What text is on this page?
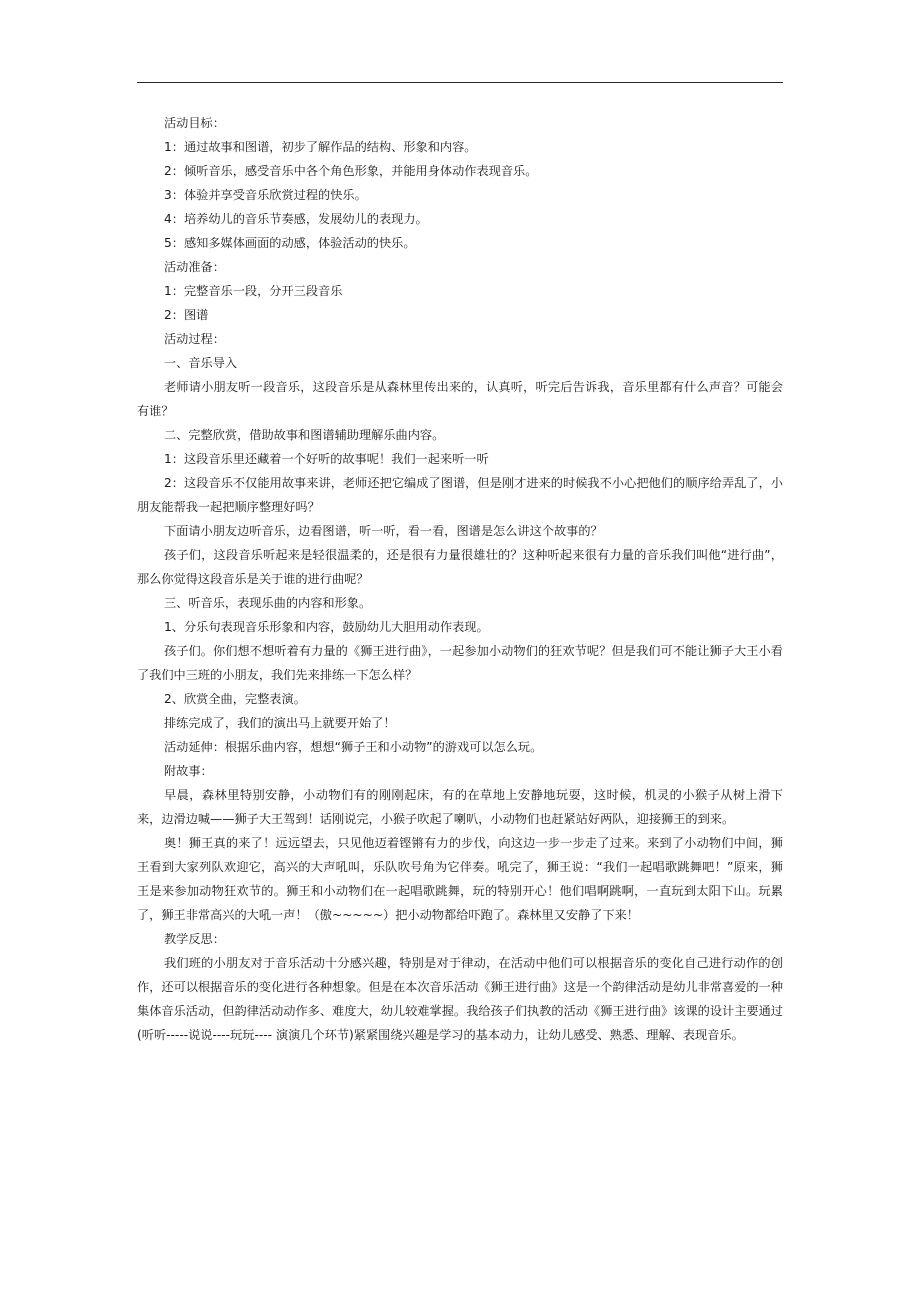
活动目标：

1：通过故事和图谱，初步了解作品的结构、形象和内容。

2：倾听音乐，感受音乐中各个角色形象，并能用身体动作表现音乐。

3：体验并享受音乐欣赏过程的快乐。

4：培养幼儿的音乐节奏感，发展幼儿的表现力。

5：感知多媒体画面的动感，体验活动的快乐。

活动准备：

1：完整音乐一段，分开三段音乐

2：图谱

活动过程：

一、音乐导入

老师请小朋友听一段音乐，这段音乐是从森林里传出来的，认真听，听完后告诉我，音乐里都有什么声音？可能会有谁？

二、完整欣赏，借助故事和图谱辅助理解乐曲内容。

1：这段音乐里还藏着一个好听的故事呢！我们一起来听一听

2：这段音乐不仅能用故事来讲，老师还把它编成了图谱，但是刚才进来的时候我不小心把他们的顺序给弄乱了，小朋友能帮我一起把顺序整理好吗？

下面请小朋友边听音乐，边看图谱，听一听，看一看，图谱是怎么讲这个故事的？

孩子们，这段音乐听起来是轻很温柔的，还是很有力量很雄壮的？这种听起来很有力量的音乐我们叫他“进行曲”，那么你觉得这段音乐是关于谁的进行曲呢？

三、听音乐，表现乐曲的内容和形象。

1、分乐句表现音乐形象和内容，鼓励幼儿大胆用动作表现。

孩子们。你们想不想听着有力量的《狮王进行曲》，一起参加小动物们的狂欢节呢？但是我们可不能让狮子大王小看了我们中三班的小朋友，我们先来排练一下怎么样？

2、欣赏全曲，完整表演。

排练完成了，我们的演出马上就要开始了！

活动延伸：根据乐曲内容，想想“狮子王和小动物”的游戏可以怎么玩。

附故事：

早晨，森林里特别安静，小动物们有的刚刚起床，有的在草地上安静地玩耍，这时候，机灵的小猴子从树上滑下来，边滑边喊——狮子大王驾到！话刚说完，小猴子吹起了喇叭，小动物们也赶紧站好两队，迎接狮王的到来。

奥！狮王真的来了！远远望去，只见他迈着铿锵有力的步伐，向这边一步一步走了过来。来到了小动物们中间，狮王看到大家列队欢迎它，高兴的大声吼叫，乐队吹号角为它伴奏。吼完了，狮王说：“我们一起唱歌跳舞吧！”原来，狮王是来参加动物狂欢节的。狮王和小动物们在一起唱歌跳舞，玩的特别开心！他们唱啊跳啊，一直玩到太阳下山。玩累了，狮王非常高兴的大吼一声！（傲~~~~~）把小动物都给吓跑了。森林里又安静了下来！

教学反思：

我们班的小朋友对于音乐活动十分感兴趣，特别是对于律动，在活动中他们可以根据音乐的变化自己进行动作的创作，还可以根据音乐的变化进行各种想象。但是在本次音乐活动《狮王进行曲》这是一个韵律活动是幼儿非常喜爱的一种集体音乐活动，但韵律活动动作多、难度大，幼儿较难掌握。我给孩子们执教的活动《狮王进行曲》该课的设计主要通过 (听听-----说说----玩玩---- 演演几个环节)紧紧围绕兴趣是学习的基本动力，让幼儿感受、熟悉、理解、表现音乐。
